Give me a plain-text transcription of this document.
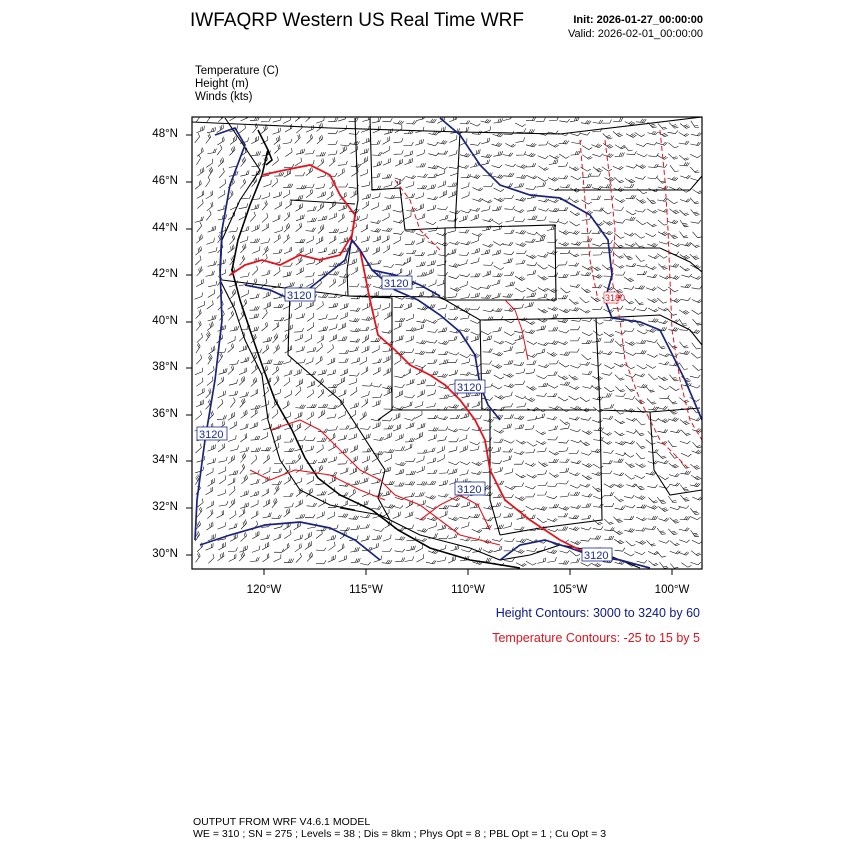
IWFAQRP Western US Real Time WRF	Init: 2026-01-27_00:00:00
Valid: 2026-02-01_00:00:00
Temperature (C)
Height (m)
Winds (kts)
3120
3120
3120
3120
3120
3120
3180
48°N
46°N
44°N
42°N
40°N
38°N
36°N
34°N
32°N
30°N
120°W	115°W	110°W	105°W	100°W
Height Contours: 3000 to 3240 by 60
Temperature Contours: -25 to 15 by 5
OUTPUT FROM WRF V4.6.1 MODEL
WE = 310 ; SN = 275 ; Levels = 38 ; Dis = 8km ; Phys Opt = 8 ; PBL Opt = 1 ; Cu Opt = 3
